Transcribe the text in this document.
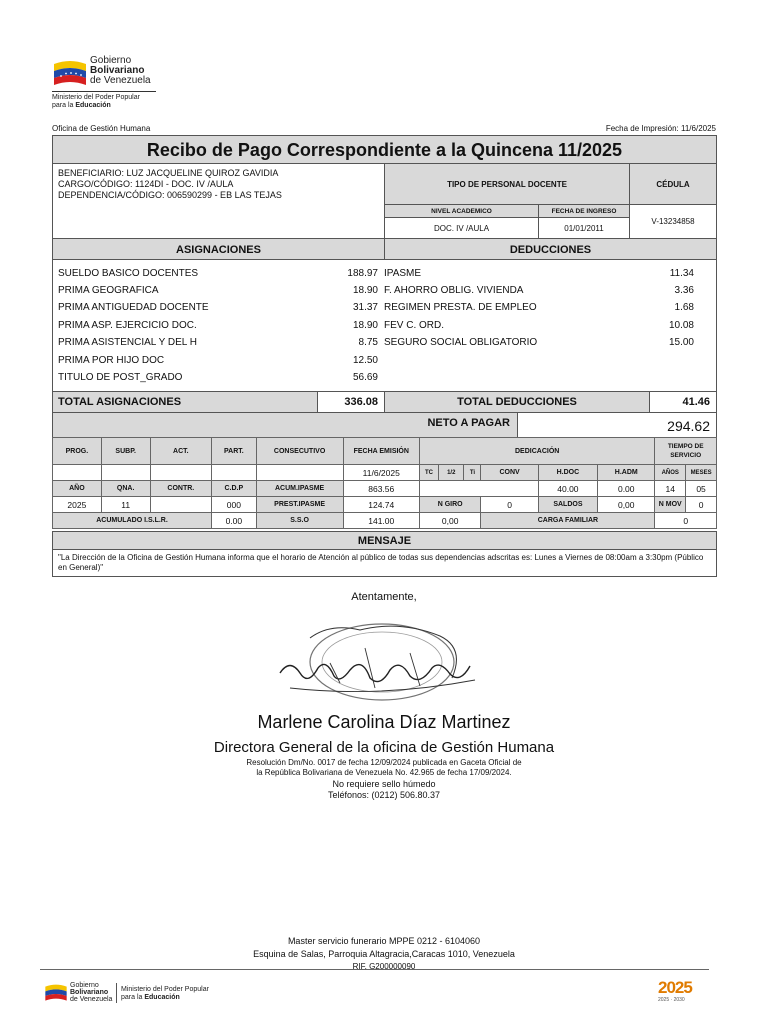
Gobierno
Bolivariano
de Venezuela
Ministerio del Poder Popular
para la Educación
Oficina de Gestión Humana	Fecha de Impresión: 11/6/2025
Recibo de Pago Correspondiente a la Quincena 11/2025
BENEFICIARIO: LUZ JACQUELINE QUIROZ GAVIDIA
CARGO/CÓDIGO: 1124DI - DOC. IV /AULA
DEPENDENCIA/CÓDIGO: 006590299 - EB LAS TEJAS
TIPO DE PERSONAL DOCENTE	CÉDULA
NIVEL ACADEMICO	FECHA DE INGRESO
DOC. IV /AULA	01/01/2011
V-13234858
ASIGNACIONES	DEDUCCIONES
SUELDO BASICO DOCENTES	188.97
PRIMA GEOGRAFICA	18.90
PRIMA ANTIGUEDAD DOCENTE	31.37
PRIMA ASP. EJERCICIO DOC.	18.90
PRIMA ASISTENCIAL Y DEL H	8.75
PRIMA POR HIJO DOC	12.50
TITULO DE POST_GRADO	56.69
IPASME	11.34
F. AHORRO OBLIG. VIVIENDA	3.36
REGIMEN PRESTA. DE EMPLEO	1.68
FEV C. ORD.	10.08
SEGURO SOCIAL OBLIGATORIO	15.00
TOTAL ASIGNACIONES	336.08	TOTAL DEDUCCIONES	41.46
NETO A PAGAR	294.62
PROG.	SUBP.	ACT.	PART.	CONSECUTIVO	FECHA EMISIÓN	DEDICACIÓN						TIEMPO DE
SERVICIO	

					11/6/2025	TC	1/2	Ti	CONV	H.DOC	H.ADM	AÑOS	MESES
AÑO	QNA.	CONTR.	C.D.P	ACUM.IPASME	863.56					40.00	0.00	14	05
2025	11		000	PREST.IPASME	124.74	N GIRO			0	SALDOS	0,00	N MOV	0
ACUMULADO I.S.L.R.			0.00	S.S.O	141.00	0,00			CARGA FAMILIAR			0	
MENSAJE
"La Dirección de la Oficina de Gestión Humana informa que el horario de Atención al público de todas sus dependencias adscritas es: Lunes a Viernes de 08:00am a 3:30pm (Público en General)"
Atentamente,
Marlene Carolina Díaz Martinez
Directora General de la oficina de Gestión Humana
Resolución Dm/No. 0017 de fecha 12/09/2024 publicada en Gaceta Oficial de
la República Bolivariana de Venezuela No. 42.965 de fecha 17/09/2024.
No requiere sello húmedo
Teléfonos: (0212) 506.80.37
Master servicio funerario MPPE 0212 - 6104060
Esquina de Salas, Parroquia Altagracia,Caracas 1010, Venezuela
RIF. G200000090
Gobierno
Bolivariano
de Venezuela
Ministerio del Poder Popular
para la Educación
2025
2025 · 2030
